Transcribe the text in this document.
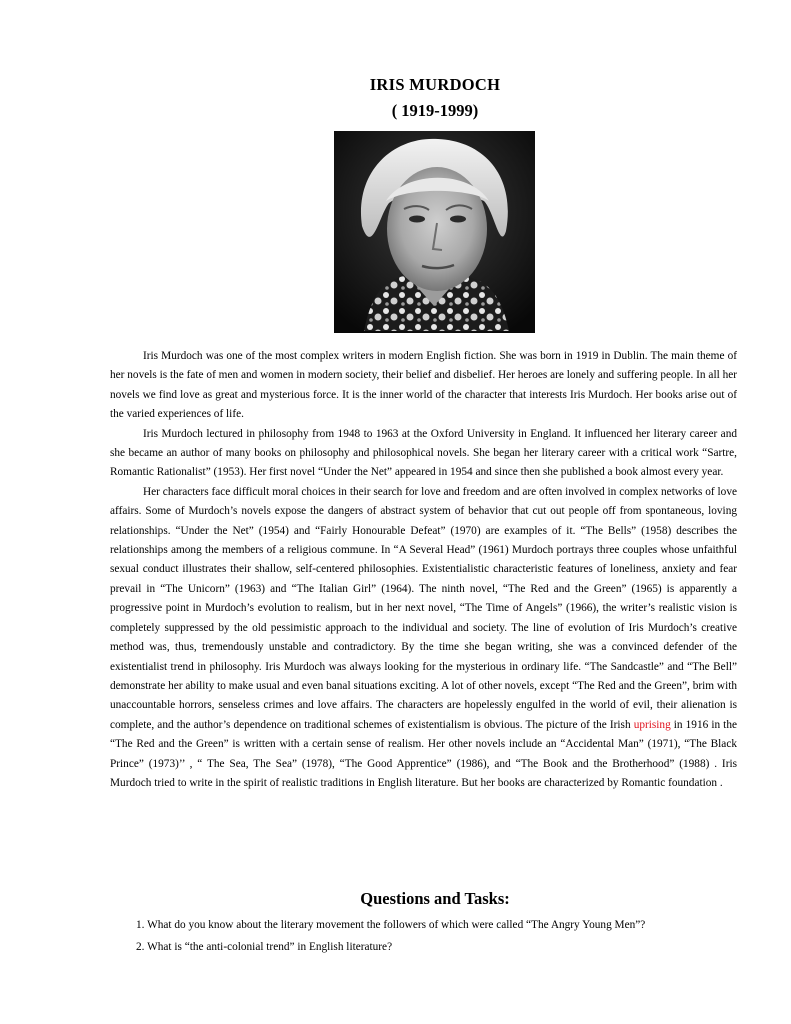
IRIS MURDOCH
( 1919-1999)

Iris Murdoch was one of the most complex writers in modern English fiction. She was born in 1919 in Dublin. The main theme of her novels is the fate of men and women in modern society, their belief and disbelief. Her heroes are lonely and suffering people. In all her novels we find love as great and mysterious force. It is the inner world of the character that interests Iris Murdoch. Her books arise out of the varied experiences of life.

Iris Murdoch lectured in philosophy from 1948 to 1963 at the Oxford University in England. It influenced her literary career and she became an author of many books on philosophy and philosophical novels. She began her literary career with a critical work “Sartre, Romantic Rationalist” (1953). Her first novel “Under the Net” appeared in 1954 and since then she published a book almost every year.

Her characters face difficult moral choices in their search for love and freedom and are often involved in complex networks of love affairs. Some of Murdoch’s novels expose the dangers of abstract system of behavior that cut out people off from spontaneous, loving relationships. “Under the Net” (1954) and “Fairly Honourable Defeat” (1970) are examples of it. “The Bells” (1958) describes the relationships among the members of a religious commune. In “A Several Head” (1961) Murdoch portrays three couples whose unfaithful sexual conduct illustrates their shallow, self-centered philosophies. Existentialistic characteristic features of loneliness, anxiety and fear prevail in “The Unicorn” (1963) and “The Italian Girl” (1964). The ninth novel, “The Red and the Green” (1965) is apparently a progressive point in Murdoch’s evolution to realism, but in her next novel, “The Time of Angels” (1966), the writer’s realistic vision is completely suppressed by the old pessimistic approach to the individual and society. The line of evolution of Iris Murdoch’s creative method was, thus, tremendously unstable and contradictory. By the time she began writing, she was a convinced defender of the existentialist trend in philosophy. Iris Murdoch was always looking for the mysterious in ordinary life. “The Sandcastle” and “The Bell” demonstrate her ability to make usual and even banal situations exciting. A lot of other novels, except “The Red and the Green”, brim with unaccountable horrors, senseless crimes and love affairs. The characters are hopelessly engulfed in the world of evil, their alienation is complete, and the author’s dependence on traditional schemes of existentialism is obvious. The picture of the Irish uprising in 1916 in the “The Red and the Green” is written with a certain sense of realism. Her other novels include an “Accidental Man” (1971), “The Black Prince” (1973)’’ , “ The Sea, The Sea” (1978), “The Good Apprentice” (1986), and “The Book and the Brotherhood” (1988) . Iris Murdoch tried to write in the spirit of realistic traditions in English literature. But her books are characterized by Romantic foundation .

Questions and Tasks:
1. What do you know about the literary movement the followers of which were called “The Angry Young Men”?
2. What is “the anti-colonial trend” in English literature?
